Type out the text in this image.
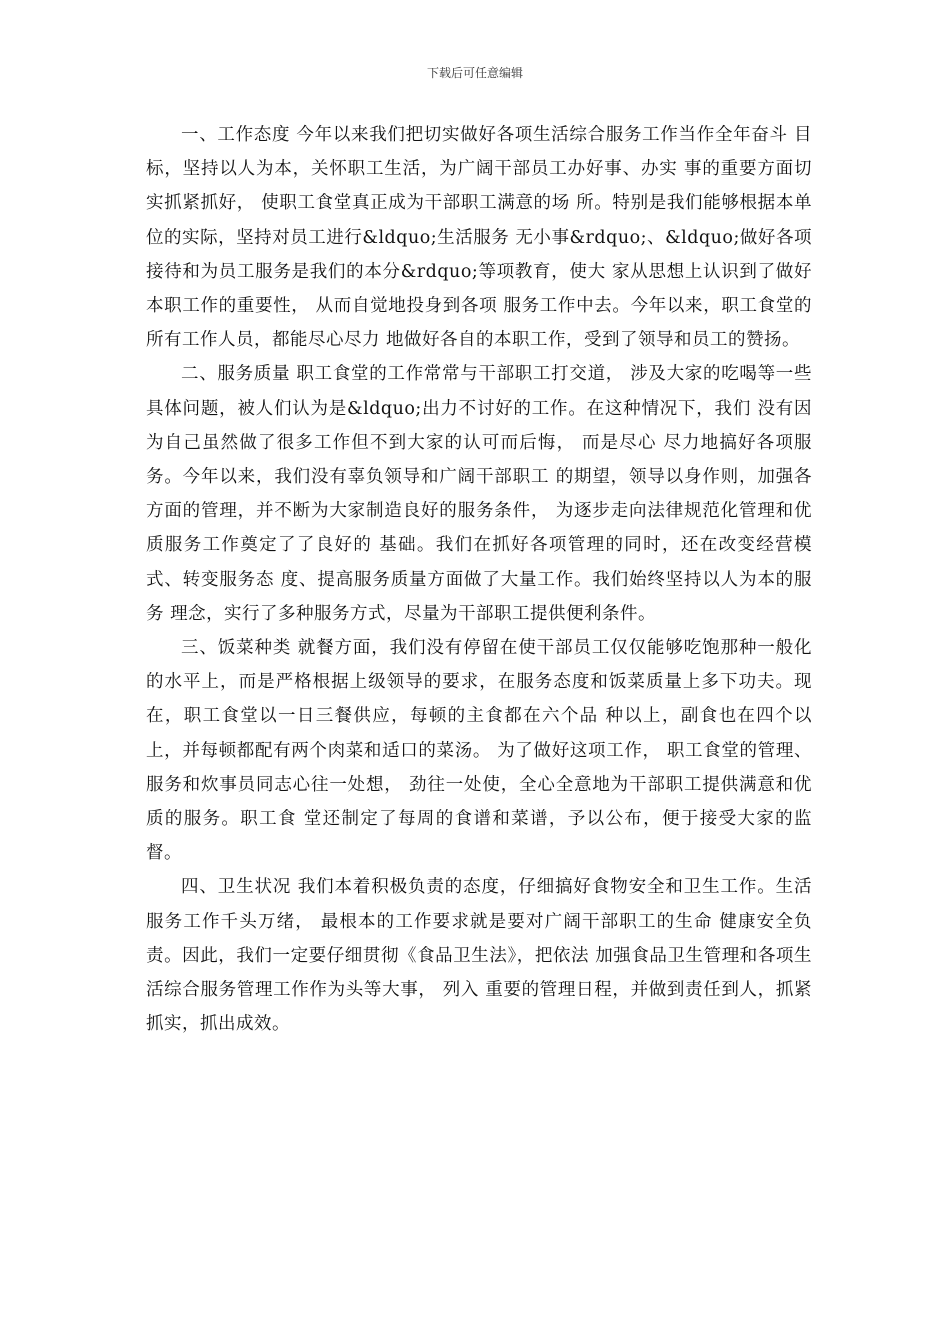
下载后可任意编辑

一、工作态度 今年以来我们把切实做好各项生活综合服务工作当作全年奋斗 目标，坚持以人为本，关怀职工生活，为广阔干部员工办好事、办实 事的重要方面切实抓紧抓好， 使职工食堂真正成为干部职工满意的场 所。特别是我们能够根据本单位的实际，坚持对员工进行&ldquo;生活服务 无小事&rdquo;、&ldquo;做好各项接待和为员工服务是我们的本分&rdquo;等项教育，使大 家从思想上认识到了做好本职工作的重要性， 从而自觉地投身到各项 服务工作中去。今年以来，职工食堂的所有工作人员，都能尽心尽力 地做好各自的本职工作，受到了领导和员工的赞扬。

二、服务质量 职工食堂的工作常常与干部职工打交道， 涉及大家的吃喝等一些 具体问题，被人们认为是&ldquo;出力不讨好的工作。在这种情况下，我们 没有因为自己虽然做了很多工作但不到大家的认可而后悔， 而是尽心 尽力地搞好各项服务。今年以来，我们没有辜负领导和广阔干部职工 的期望，领导以身作则，加强各方面的管理，并不断为大家制造良好的服务条件， 为逐步走向法律规范化管理和优质服务工作奠定了了良好的 基础。我们在抓好各项管理的同时，还在改变经营模式、转变服务态 度、提高服务质量方面做了大量工作。我们始终坚持以人为本的服务 理念，实行了多种服务方式，尽量为干部职工提供便利条件。

三、饭菜种类 就餐方面，我们没有停留在使干部员工仅仅能够吃饱那种一般化 的水平上，而是严格根据上级领导的要求，在服务态度和饭菜质量上多下功夫。现在，职工食堂以一日三餐供应，每顿的主食都在六个品 种以上，副食也在四个以上，并每顿都配有两个肉菜和适口的菜汤。 为了做好这项工作， 职工食堂的管理、 服务和炊事员同志心往一处想， 劲往一处使，全心全意地为干部职工提供满意和优质的服务。职工食 堂还制定了每周的食谱和菜谱，予以公布，便于接受大家的监督。

四、卫生状况 我们本着积极负责的态度，仔细搞好食物安全和卫生工作。生活 服务工作千头万绪， 最根本的工作要求就是要对广阔干部职工的生命 健康安全负责。因此，我们一定要仔细贯彻《食品卫生法》，把依法 加强食品卫生管理和各项生活综合服务管理工作作为头等大事， 列入 重要的管理日程，并做到责任到人，抓紧抓实，抓出成效。
